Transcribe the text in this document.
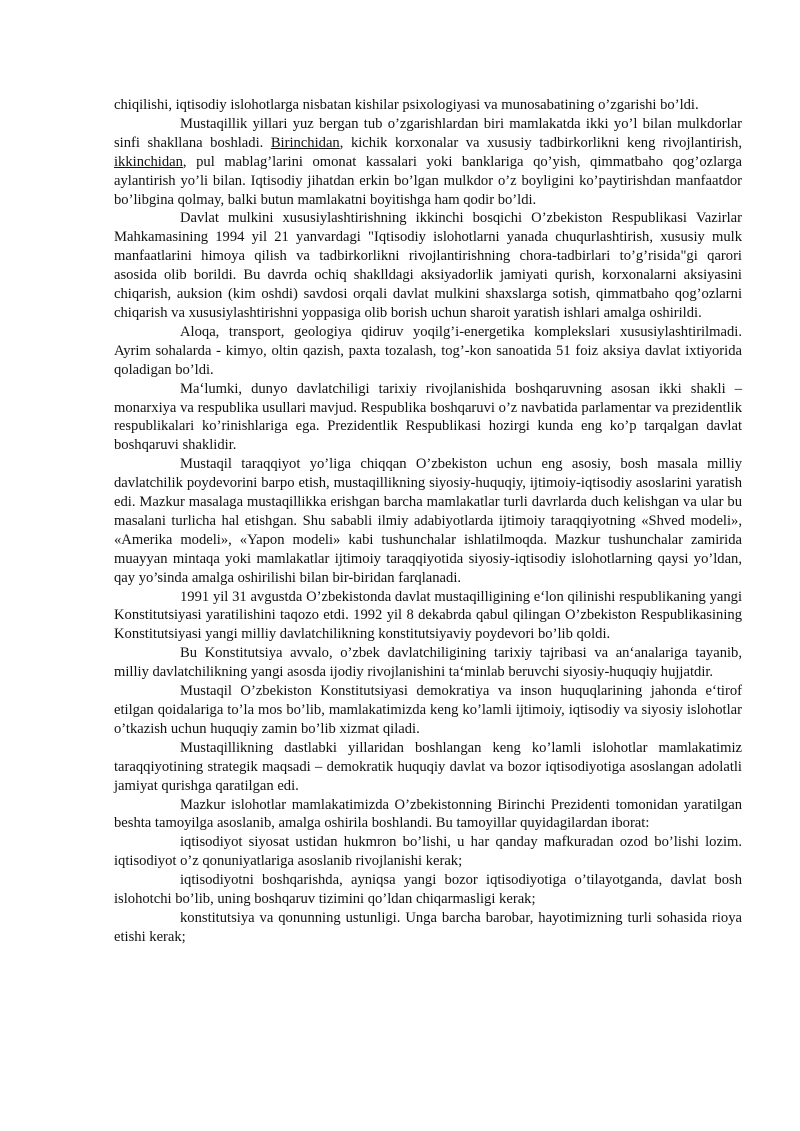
chiqilishi, iqtisodiy islohotlarga nisbatan kishilar psixologiyasi va munosabatining o’zgarishi bo’ldi.

Mustaqillik yillari yuz bergan tub o’zgarishlardan biri mamlakatda ikki yo’l bilan mulkdorlar sinfi shakllana boshladi. Birinchidan, kichik korxonalar va xususiy tadbirkorlikni keng rivojlantirish, ikkinchidan, pul mablag’larini omonat kassalari yoki banklariga qo’yish, qimmatbaho qog’ozlarga aylantirish yo’li bilan. Iqtisodiy jihatdan erkin bo’lgan mulkdor o’z boyligini ko’paytirishdan manfaatdor bo’libgina qolmay, balki butun mamlakatni boyitishga ham qodir bo’ldi.

Davlat mulkini xususiylashtirishning ikkinchi bosqichi O’zbekiston Respublikasi Vazirlar Mahkamasining 1994 yil 21 yanvardagi "Iqtisodiy islohotlarni yanada chuqurlashtirish, xususiy mulk manfaatlarini himoya qilish va tadbirkorlikni rivojlantirishning chora-tadbirlari to’g’risida"gi qarori asosida olib borildi. Bu davrda ochiq shaklldagi aksiyadorlik jamiyati qurish, korxonalarni aksiyasini chiqarish, auksion (kim oshdi) savdosi orqali davlat mulkini shaxslarga sotish, qimmatbaho qog’ozlarni chiqarish va xususiylashtirishni yoppasiga olib borish uchun sharoit yaratish ishlari amalga oshirildi.

Aloqa, transport, geologiya qidiruv yoqilg’i-energetika komplekslari xususiylashtirilmadi. Ayrim sohalarda - kimyo, oltin qazish, paxta tozalash, tog’-kon sanoatida 51 foiz aksiya davlat ixtiyorida qoladigan bo’ldi.

Ma‘lumki, dunyo davlatchiligi tarixiy rivojlanishida boshqaruvning asosan ikki shakli – monarxiya va respublika usullari mavjud. Respublika boshqaruvi o’z navbatida parlamentar va prezidentlik respublikalari ko’rinishlariga ega. Prezidentlik Respublikasi hozirgi kunda eng ko’p tarqalgan davlat boshqaruvi shaklidir.

Mustaqil taraqqiyot yo’liga chiqqan O’zbekiston uchun eng asosiy, bosh masala milliy davlatchilik poydevorini barpo etish, mustaqillikning siyosiy-huquqiy, ijtimoiy-iqtisodiy asoslarini yaratish edi. Mazkur masalaga mustaqillikka erishgan barcha mamlakatlar turli davrlarda duch kelishgan va ular bu masalani turlicha hal etishgan. Shu sababli ilmiy adabiyotlarda ijtimoiy taraqqiyotning «Shved modeli», «Amerika modeli», «Yapon modeli» kabi tushunchalar ishlatilmoqda. Mazkur tushunchalar zamirida muayyan mintaqa yoki mamlakatlar ijtimoiy taraqqiyotida siyosiy-iqtisodiy islohotlarning qaysi yo’ldan, qay yo’sinda amalga oshirilishi bilan bir-biridan farqlanadi.

1991 yil 31 avgustda O’zbekistonda davlat mustaqilligining e‘lon qilinishi respublikaning yangi Konstitutsiyasi yaratilishini taqozo etdi. 1992 yil 8 dekabrda qabul qilingan O’zbekiston Respublikasining Konstitutsiyasi yangi milliy davlatchilikning konstitutsiyaviy poydevori bo’lib qoldi.

Bu Konstitutsiya avvalo, o’zbek davlatchiligining tarixiy tajribasi va an‘analariga tayanib, milliy davlatchilikning yangi asosda ijodiy rivojlanishini ta‘minlab beruvchi siyosiy-huquqiy hujjatdir.

Mustaqil O’zbekiston Konstitutsiyasi demokratiya va inson huquqlarining jahonda e‘tirof etilgan qoidalariga to’la mos bo’lib, mamlakatimizda keng ko’lamli ijtimoiy, iqtisodiy va siyosiy islohotlar o’tkazish uchun huquqiy zamin bo’lib xizmat qiladi.

Mustaqillikning dastlabki yillaridan boshlangan keng ko’lamli islohotlar mamlakatimiz taraqqiyotining strategik maqsadi – demokratik huquqiy davlat va bozor iqtisodiyotiga asoslangan adolatli jamiyat qurishga qaratilgan edi.

Mazkur islohotlar mamlakatimizda O’zbekistonning Birinchi Prezidenti tomonidan yaratilgan beshta tamoyilga asoslanib, amalga oshirila boshlandi. Bu tamoyillar quyidagilardan iborat:

iqtisodiyot siyosat ustidan hukmron bo’lishi, u har qanday mafkuradan ozod bo’lishi lozim. iqtisodiyot o’z qonuniyatlariga asoslanib rivojlanishi kerak;

iqtisodiyotni boshqarishda, ayniqsa yangi bozor iqtisodiyotiga o’tilayotganda, davlat bosh islohotchi bo’lib, uning boshqaruv tizimini qo’ldan chiqarmasligi kerak;

konstitutsiya va qonunning ustunligi. Unga barcha barobar, hayotimizning turli sohasida rioya etishi kerak;
